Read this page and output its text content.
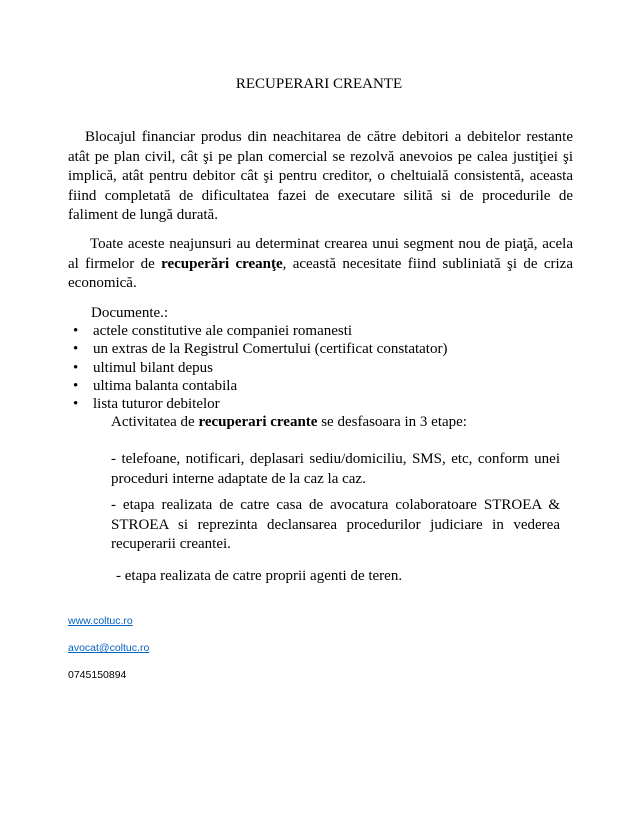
RECUPERARI CREANTE

Blocajul financiar produs din neachitarea de către debitori a debitelor restante atât pe plan civil, cât şi pe plan comercial se rezolvă anevoios pe calea justiţiei şi implică, atât pentru debitor cât şi pentru creditor, o cheltuială consistentă, aceasta fiind completată de dificultatea fazei de executare silită si de procedurile de faliment de lungă durată.

Toate aceste neajunsuri au determinat crearea unui segment nou de piaţă, acela al firmelor de recuperări creanţe, această necesitate fiind subliniată şi de criza economică.

Documente.:
• actele constitutive ale companiei romanesti
• un extras de la Registrul Comertului (certificat constatator)
• ultimul bilant depus
• ultima balanta contabila
• lista tuturor debitelor

Activitatea de recuperari creante se desfasoara in 3 etape:

- telefoane, notificari, deplasari sediu/domiciliu, SMS, etc, conform unei proceduri interne adaptate de la caz la caz.

- etapa realizata de catre casa de avocatura colaboratoare STROEA & STROEA si reprezinta declansarea procedurilor judiciare in vederea recuperarii creantei.

- etapa realizata de catre proprii agenti de teren.

www.coltuc.ro
avocat@coltuc.ro
0745150894
